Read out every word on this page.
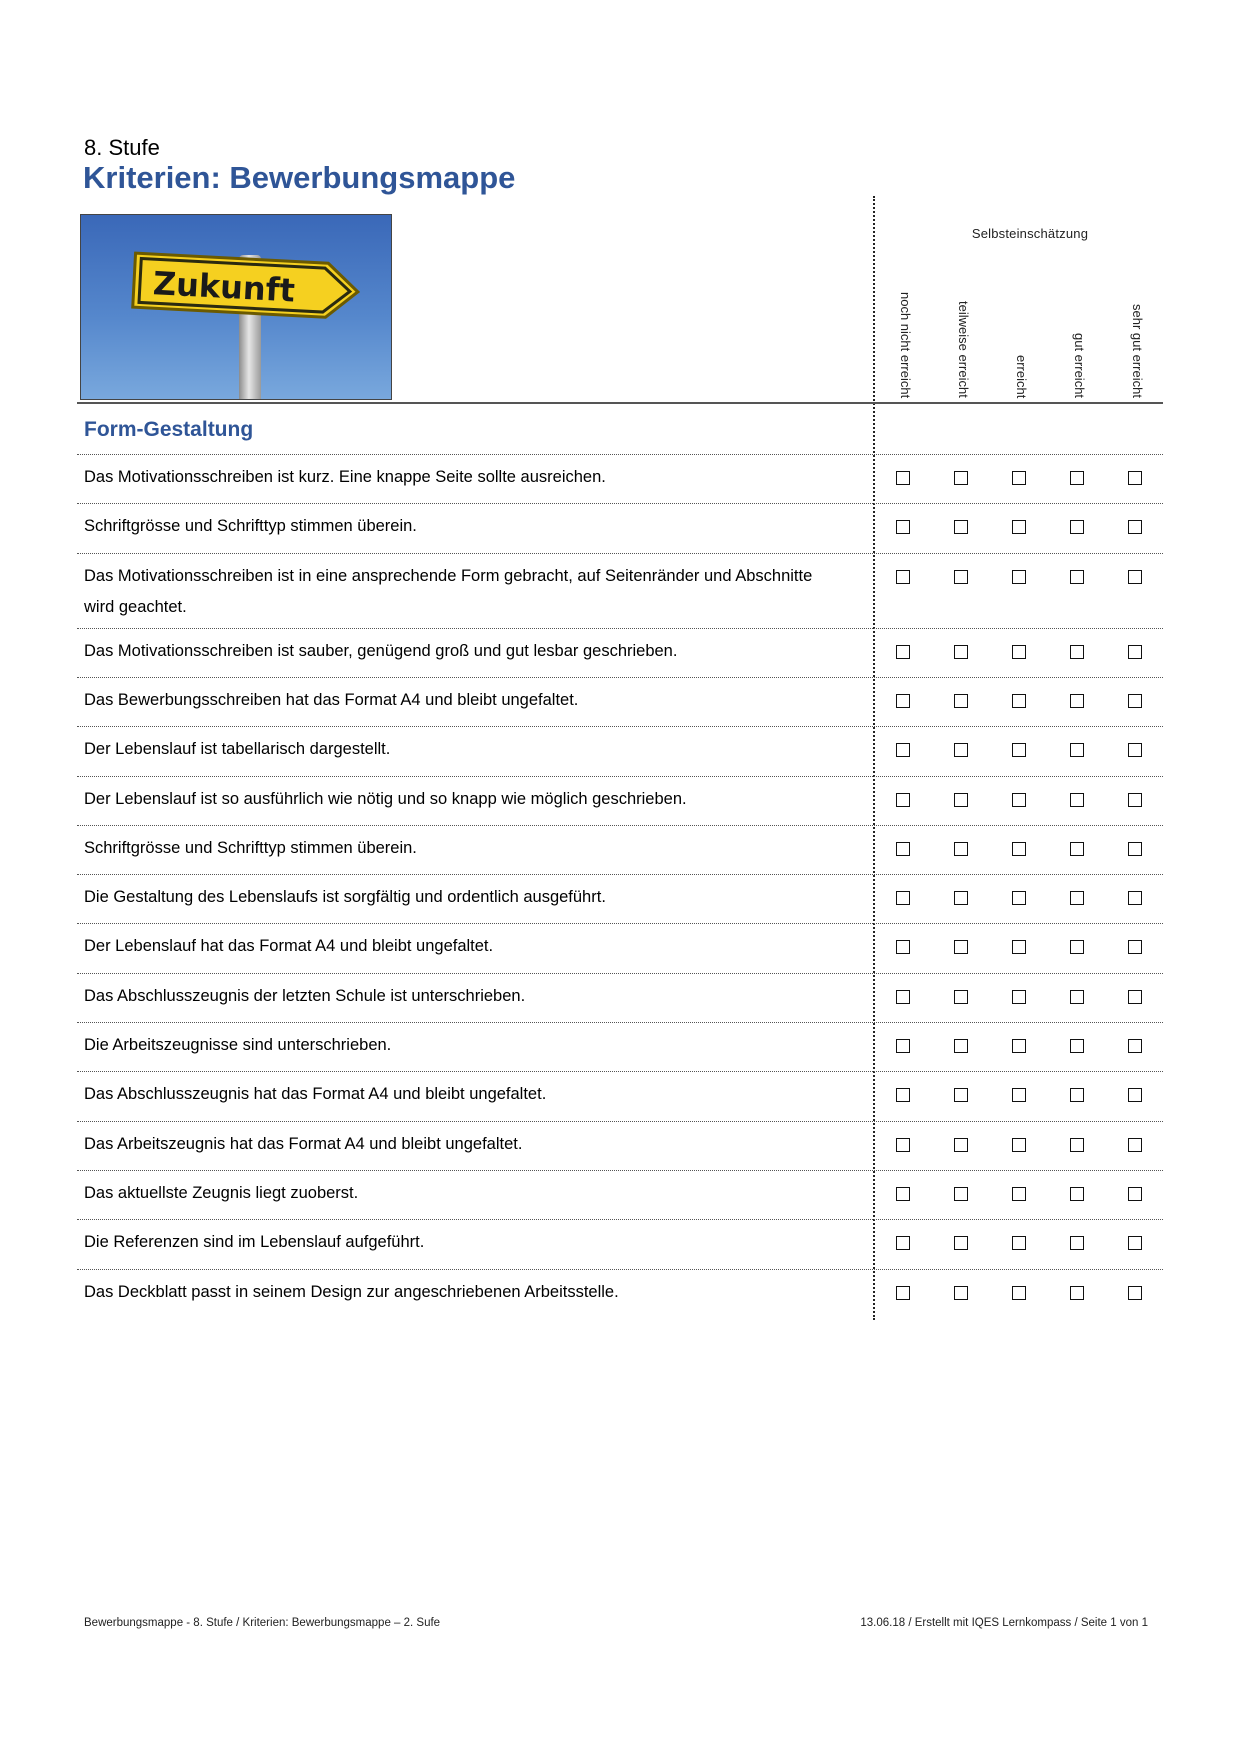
8. Stufe
Kriterien: Bewerbungsmappe
Zukunft
Selbsteinschätzung
noch nicht erreicht	teilweise erreicht	erreicht	gut erreicht	sehr gut erreicht
Form-Gestaltung
Das Motivationsschreiben ist kurz. Eine knappe Seite sollte ausreichen.
Schriftgrösse und Schrifttyp stimmen überein.
Das Motivationsschreiben ist in eine ansprechende Form gebracht, auf Seitenränder und Abschnitte wird geachtet.
Das Motivationsschreiben ist sauber, genügend groß und gut lesbar geschrieben.
Das Bewerbungsschreiben hat das Format A4 und bleibt ungefaltet.
Der Lebenslauf ist tabellarisch dargestellt.
Der Lebenslauf ist so ausführlich wie nötig und so knapp wie möglich geschrieben.
Schriftgrösse und Schrifttyp stimmen überein.
Die Gestaltung des Lebenslaufs ist sorgfältig und ordentlich ausgeführt.
Der Lebenslauf hat das Format A4 und bleibt ungefaltet.
Das Abschlusszeugnis der letzten Schule ist unterschrieben.
Die Arbeitszeugnisse sind unterschrieben.
Das Abschlusszeugnis hat das Format A4 und bleibt ungefaltet.
Das Arbeitszeugnis hat das Format A4 und bleibt ungefaltet.
Das aktuellste Zeugnis liegt zuoberst.
Die Referenzen sind im Lebenslauf aufgeführt.
Das Deckblatt passt in seinem Design zur angeschriebenen Arbeitsstelle.
Bewerbungsmappe - 8. Stufe / Kriterien: Bewerbungsmappe – 2. Sufe	13.06.18 / Erstellt mit IQES Lernkompass / Seite 1 von 1
